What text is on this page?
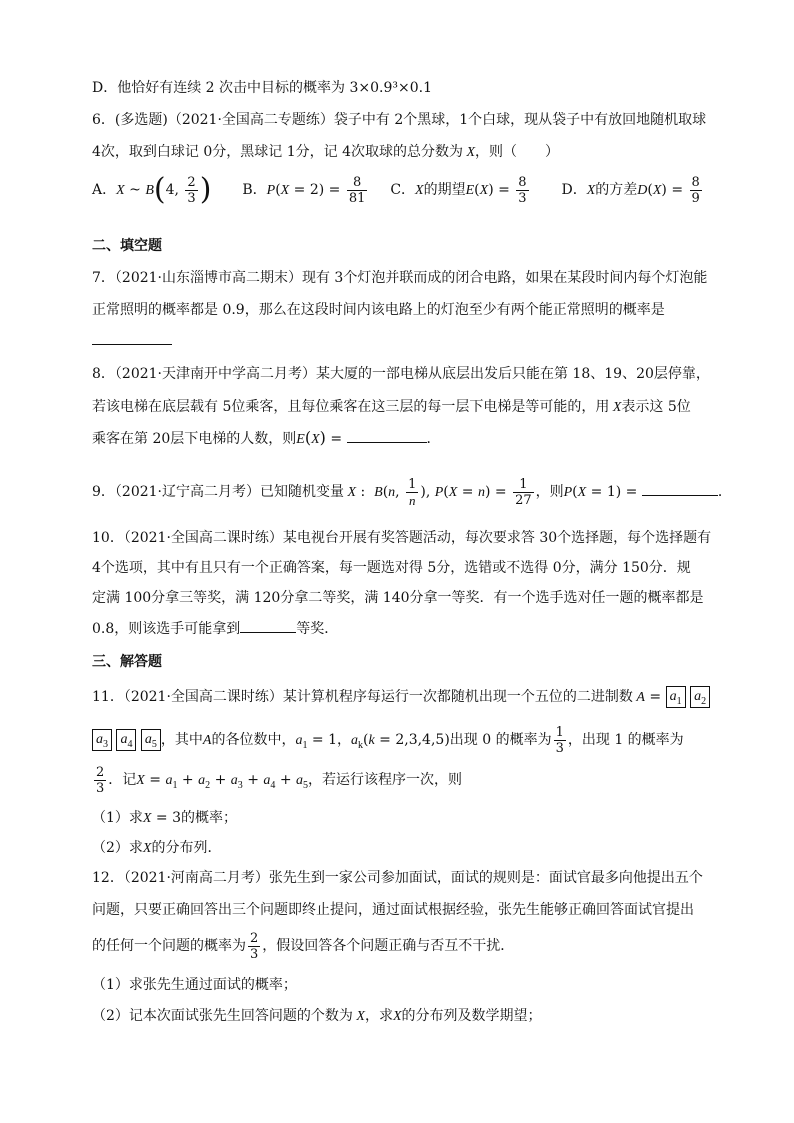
D．他恰好有连续 2 次击中目标的概率为 3×0.9³×0.1
6．(多选题)（2021·全国高二专题练）袋子中有 2个黑球，1个白球，现从袋子中有放回地随机取球
4次，取到白球记 0分，黑球记 1分，记 4次取球的总分数为 X，则（　　）
A．X ~ B(4, $\frac{2}{3}$ ) B．$P(X = 2) = \frac{8}{81}$ C．X的期望$E(X) = \frac{8}{3}$ D．X的方差$D(X) = \frac{8}{9}$
二、填空题
7．（2021·山东淄博市高二期末）现有 3个灯泡并联而成的闭合电路，如果在某段时间内每个灯泡能
正常照明的概率都是 0.9，那么在这段时间内该电路上的灯泡至少有两个能正常照明的概率是
8．（2021·天津南开中学高二月考）某大厦的一部电梯从底层出发后只能在第 18、19、20层停靠，
若该电梯在底层载有 5位乘客，且每位乘客在这三层的每一层下电梯是等可能的，用 X表示这 5位
乘客在第 20层下电梯的人数，则E(X) =	．
9．（2021·辽宁高二月考）已知随机变量 X :  B(n, $\frac{1}{n}$ ), $P(X = n) = \frac{1}{27}$ ，则P(X = 1) =	．
10．（2021·全国高二课时练）某电视台开展有奖答题活动，每次要求答 30个选择题，每个选择题有
4个选项，其中有且只有一个正确答案，每一题选对得 5分，选错或不选得 0分，满分 150分．规
定满 100分拿三等奖，满 120分拿二等奖，满 140分拿一等奖．有一个选手选对任一题的概率都是
0.8，则该选手可能拿到	等奖．
三、解答题
11．（2021·全国高二课时练）某计算机程序每运行一次都随机出现一个五位的二进制数 $A = a_1$ $a_2$
$a_3$ $a_4$ $a_5$ ，其中A的各位数中，$a_1 = 1$，$a_k(k = 2,3,4,5)$出现 0 的概率为 $\frac{1}{3}$ ，出现 1 的概率为
$\frac{2}{3}$ ．记$X = a_1 + a_2 + a_3 + a_4 + a_5$，若运行该程序一次，则
（1）求X = 3的概率；
（2）求X的分布列．
12．（2021·河南高二月考）张先生到一家公司参加面试，面试的规则是：面试官最多向他提出五个
问题，只要正确回答出三个问题即终止提问，通过面试根据经验，张先生能够正确回答面试官提出
的任何一个问题的概率为 $\frac{2}{3}$ ，假设回答各个问题正确与否互不干扰．
（1）求张先生通过面试的概率；
（2）记本次面试张先生回答问题的个数为 X，求X的分布列及数学期望；
